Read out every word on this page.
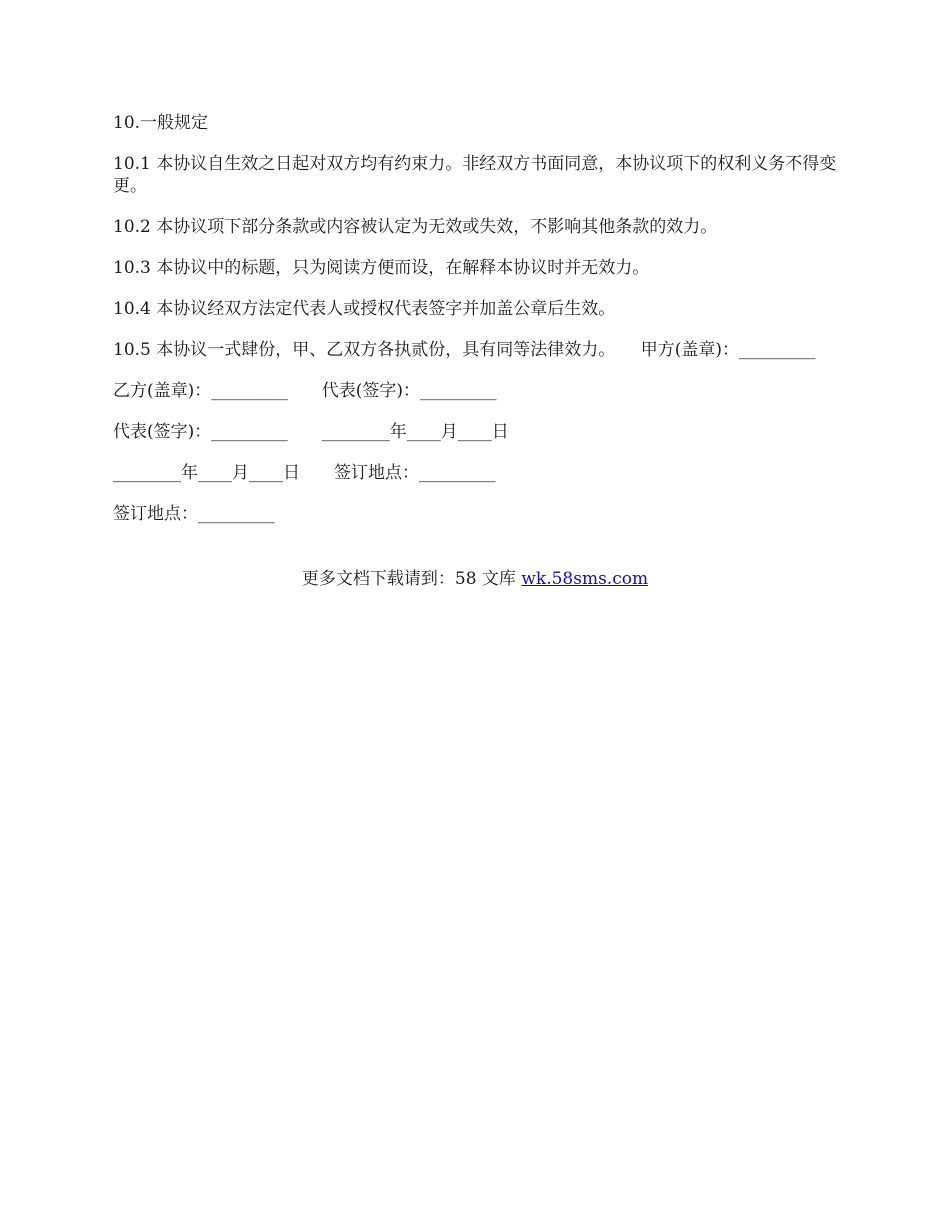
10.一般规定

10.1 本协议自生效之日起对双方均有约束力。非经双方书面同意，本协议项下的权利义务不得变更。

10.2 本协议项下部分条款或内容被认定为无效或失效，不影响其他条款的效力。

10.3 本协议中的标题，只为阅读方便而设，在解释本协议时并无效力。

10.4 本协议经双方法定代表人或授权代表签字并加盖公章后生效。

10.5 本协议一式肆份，甲、乙双方各执贰份，具有同等法律效力。　　甲方(盖章)：_________

乙方(盖章)：_________　　代表(签字)：_________

代表(签字)：_________　　________年____月____日

________年____月____日　　签订地点：_________

签订地点：_________

更多文档下载请到：58 文库 wk.58sms.com
